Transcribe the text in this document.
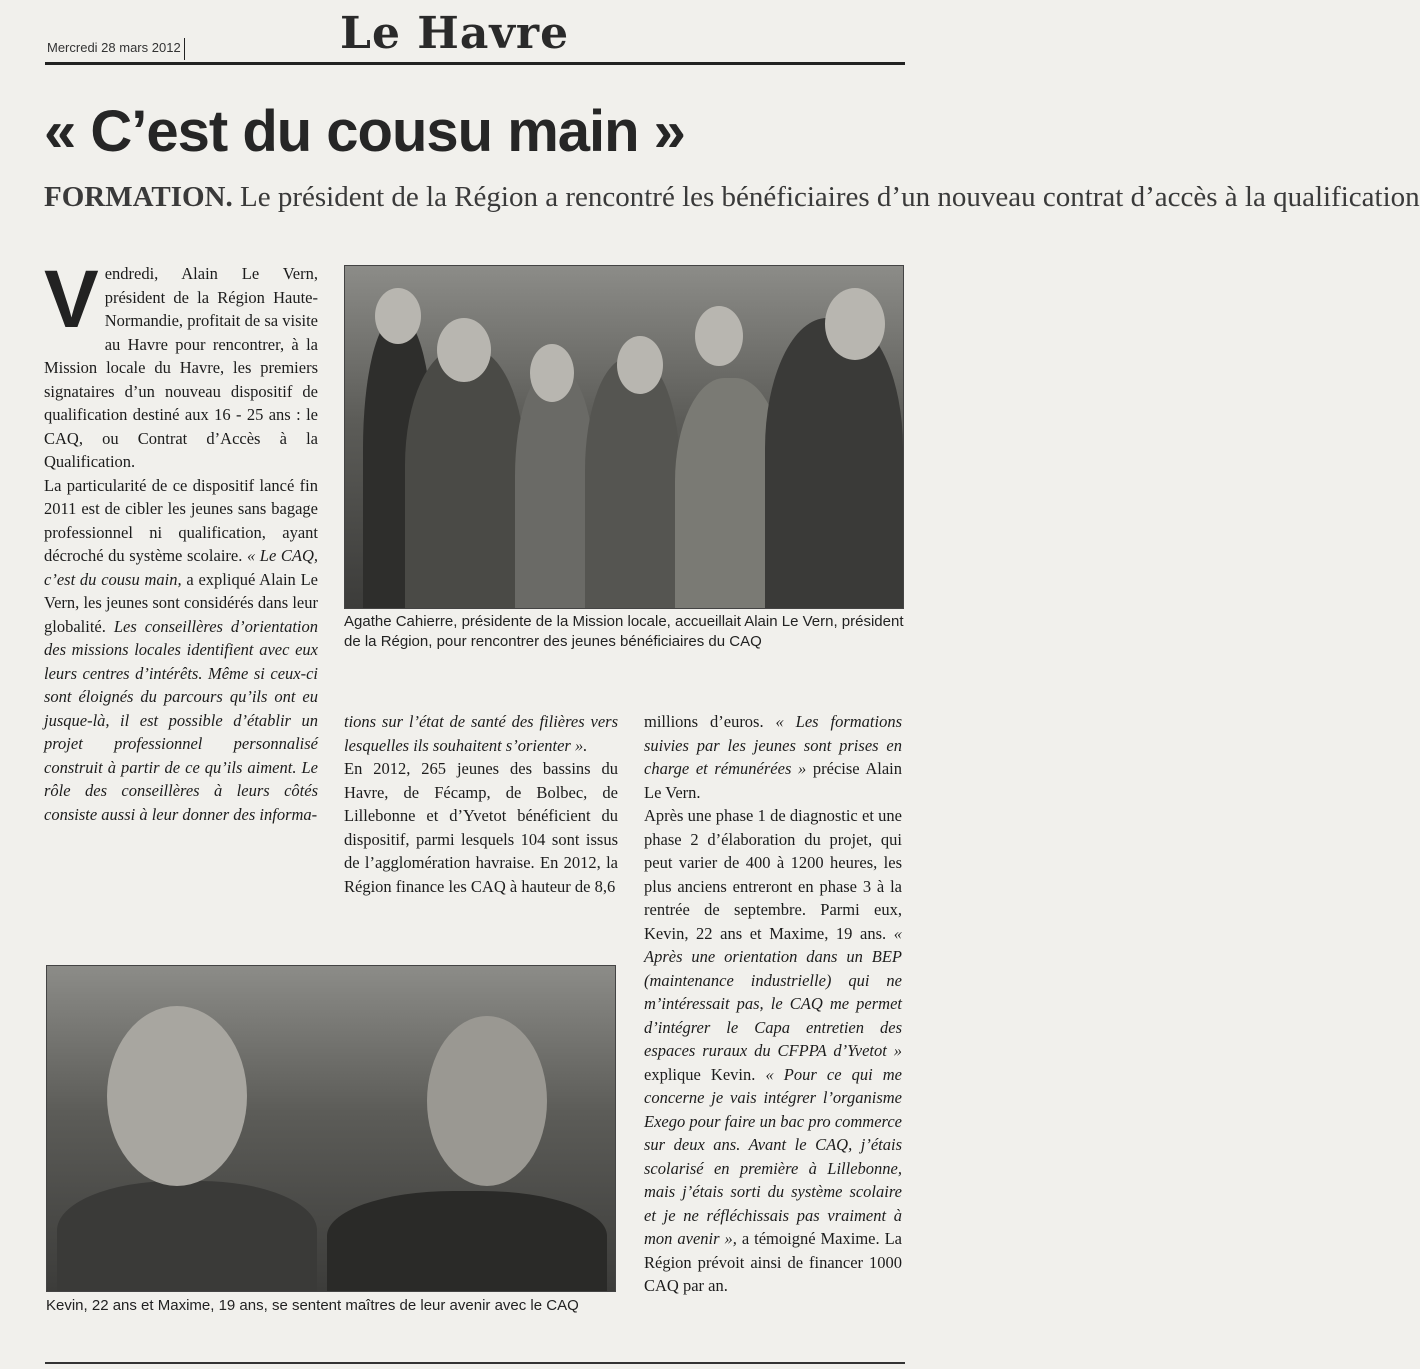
Mercredi 28 mars 2012	Le Havre
« C’est du cousu main »
FORMATION. Le président de la Région a rencontré les bénéficiaires d’un nouveau contrat d’accès à la qualification
V endredi, Alain Le Vern, président de la Région Haute-Normandie, profitait de sa visite au Havre pour rencontrer, à la Mission locale du Havre, les premiers signataires d’un nouveau dispositif de qualification destiné aux 16 - 25 ans : le CAQ, ou Contrat d’Accès à la Qualification.

La particularité de ce dispositif lancé fin 2011 est de cibler les jeunes sans bagage professionnel ni qualification, ayant décroché du système scolaire. « Le CAQ, c’est du cousu main, a expliqué Alain Le Vern, les jeunes sont considérés dans leur globalité. Les conseillères d’orientation des missions locales identifient avec eux leurs centres d’intérêts. Même si ceux-ci sont éloignés du parcours qu’ils ont eu jusque-là, il est possible d’établir un projet professionnel personnalisé construit à partir de ce qu’ils aiment. Le rôle des conseillères à leurs côtés consiste aussi à leur donner des informa-

Agathe Cahierre, présidente de la Mission locale, accueillait Alain Le Vern, président de la Région, pour rencontrer des jeunes bénéficiaires du CAQ

tions sur l’état de santé des filières vers lesquelles ils souhaitent s’orienter ».

En 2012, 265 jeunes des bassins du Havre, de Fécamp, de Bolbec, de Lillebonne et d’Yvetot bénéficient du dispositif, parmi lesquels 104 sont issus de l’agglomération havraise. En 2012, la Région finance les CAQ à hauteur de 8,6

millions d’euros. « Les formations suivies par les jeunes sont prises en charge et rémunérées » précise Alain Le Vern.

Après une phase 1 de diagnostic et une phase 2 d’élaboration du projet, qui peut varier de 400 à 1200 heures, les plus anciens entreront en phase 3 à la rentrée de septembre. Parmi eux, Kevin, 22 ans et Maxime, 19 ans. « Après une orientation dans un BEP (maintenance industrielle) qui ne m’intéressait pas, le CAQ me permet d’intégrer le Capa entretien des espaces ruraux du CFPPA d’Yvetot » explique Kevin. « Pour ce qui me concerne je vais intégrer l’organisme Exego pour faire un bac pro commerce sur deux ans. Avant le CAQ, j’étais scolarisé en première à Lillebonne, mais j’étais sorti du système scolaire et je ne réfléchissais pas vraiment à mon avenir », a témoigné Maxime. La Région prévoit ainsi de financer 1000 CAQ par an.

Kevin, 22 ans et Maxime, 19 ans, se sentent maîtres de leur avenir avec le CAQ
